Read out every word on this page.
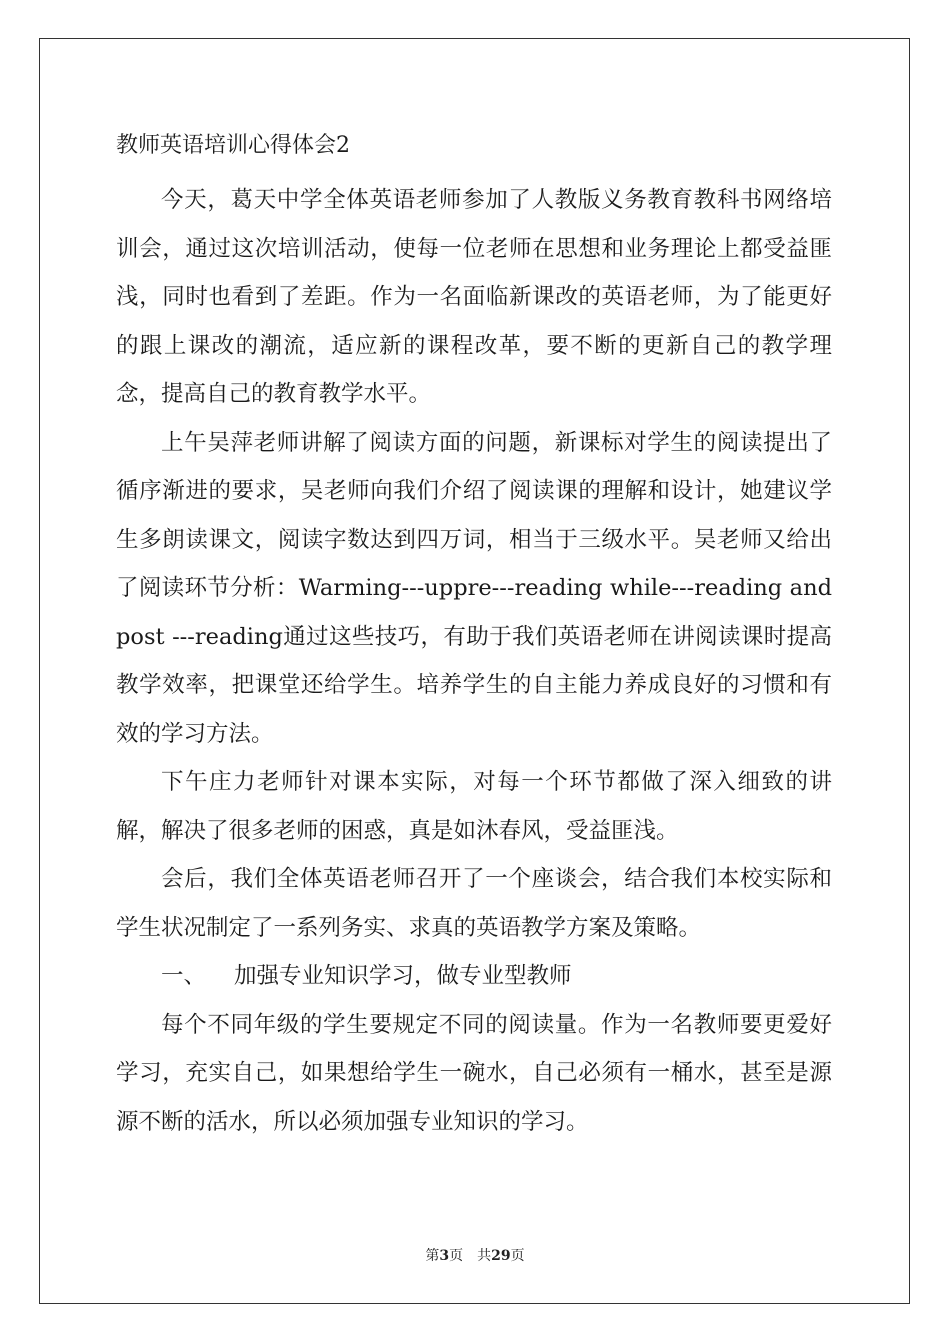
教师英语培训心得体会2

今天，葛天中学全体英语老师参加了人教版义务教育教科书网络培训会，通过这次培训活动，使每一位老师在思想和业务理论上都受益匪浅，同时也看到了差距。作为一名面临新课改的英语老师，为了能更好的跟上课改的潮流，适应新的课程改革，要不断的更新自己的教学理念，提高自己的教育教学水平。

上午吴萍老师讲解了阅读方面的问题，新课标对学生的阅读提出了循序渐进的要求，吴老师向我们介绍了阅读课的理解和设计，她建议学生多朗读课文，阅读字数达到四万词，相当于三级水平。吴老师又给出了阅读环节分析：Warming---uppre---reading while---reading and post ---reading通过这些技巧，有助于我们英语老师在讲阅读课时提高教学效率，把课堂还给学生。培养学生的自主能力养成良好的习惯和有效的学习方法。

下午庄力老师针对课本实际，对每一个环节都做了深入细致的讲解，解决了很多老师的困惑，真是如沐春风，受益匪浅。

会后，我们全体英语老师召开了一个座谈会，结合我们本校实际和学生状况制定了一系列务实、求真的英语教学方案及策略。

一、 加强专业知识学习，做专业型教师

每个不同年级的学生要规定不同的阅读量。作为一名教师要更爱好学习，充实自己，如果想给学生一碗水，自己必须有一桶水，甚至是源源不断的活水，所以必须加强专业知识的学习。

第3页 共29页
